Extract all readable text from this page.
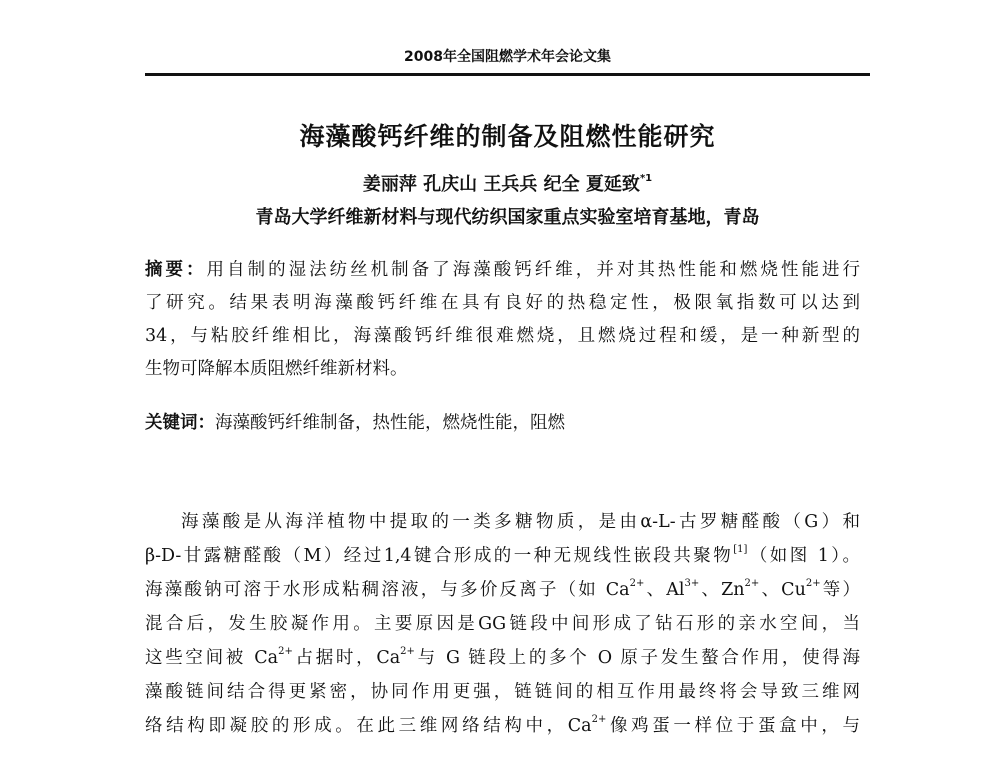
2008年全国阻燃学术年会论文集
海藻酸钙纤维的制备及阻燃性能研究
姜丽萍 孔庆山 王兵兵 纪全 夏延致$^{*1}$
青岛大学纤维新材料与现代纺织国家重点实验室培育基地，青岛
摘要：用自制的湿法纺丝机制备了海藻酸钙纤维，并对其热性能和燃烧性能进行
了研究。结果表明海藻酸钙纤维在具有良好的热稳定性，极限氧指数可以达到
34，与粘胶纤维相比，海藻酸钙纤维很难燃烧，且燃烧过程和缓，是一种新型的
生物可降解本质阻燃纤维新材料。
关键词：海藻酸钙纤维制备，热性能，燃烧性能，阻燃
海藻酸是从海洋植物中提取的一类多糖物质，是由α-L-古罗糖醛酸（G）和
β-D-甘露糖醛酸（M）经过1,4键合形成的一种无规线性嵌段共聚物[1]（如图 1）。
海藻酸钠可溶于水形成粘稠溶液，与多价反离子（如 $Ca^{2+}$、$Al^{3+}$、$Zn^{2+}$、$Cu^{2+}$等）
混合后，发生胶凝作用。主要原因是GG链段中间形成了钻石形的亲水空间，当
这些空间被 $Ca^{2+}$占据时，$Ca^{2+}$与 G 链段上的多个 O 原子发生螯合作用，使得海
藻酸链间结合得更紧密，协同作用更强，链链间的相互作用最终将会导致三维网
络结构即凝胶的形成。在此三维网络结构中，$Ca^{2+}$像鸡蛋一样位于蛋盒中，与
